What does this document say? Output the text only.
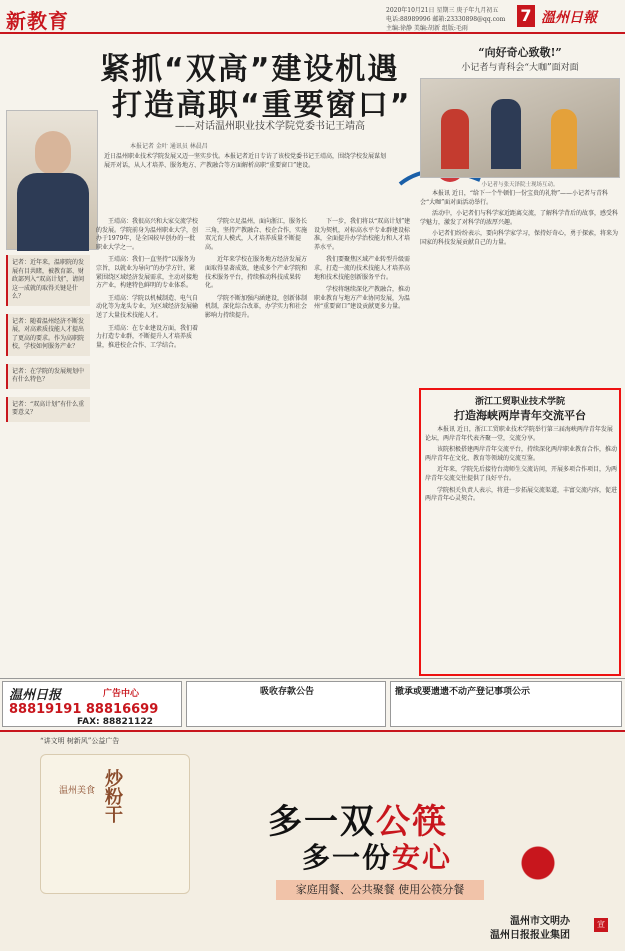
新教育	2020年10月21日 星期三 庚子年九月初五
电话:88989996 邮箱:23330898@qq.com
主编:徐静 美编:胡新 组版:毛雨
7 溫州日報
紧抓“双高”建设机遇
打造高职“重要窗口”
——对话温州职业技术学院党委书记王靖高
本报记者 金叶 通讯员 林晨昌
近日温州职业技术学院发展又迈一坚实步伐。本报记者近日专访了该校党委书记王靖高，围绕学校发展谋划展开对话，从人才培养、服务地方、产教融合等方面解析高职“重要窗口”建设。
记者：近年来，温职院的发展有目共睹，被教育部、财政部列入“双高计划”，请问这一成就的取得关键是什么？
记者：随着温州经济不断发展，对高素质技能人才提出了更高的要求。作为高职院校，学校如何服务产业？
记者：在学院的发展规划中有什么特色？
记者：“双高计划”有什么重要意义？

王靖高：我很高兴和大家交流学校的发展。学院前身为温州职业大学，创办于1979年，是全国较早创办的一批职业大学之一。

王靖高：我们一直坚持“以服务为宗旨，以就业为导向”的办学方针，紧紧围绕区域经济发展需求，主动对接地方产业，构建特色鲜明的专业体系。

王靖高：学院以机械制造、电气自动化等为龙头专业，为区域经济发展输送了大量技术技能人才。

王靖高：在专业建设方面，我们着力打造专业群，不断提升人才培养质量，推进校企合作、工学结合。

学院立足温州，面向浙江，服务长三角，坚持产教融合、校企合作，实施双元育人模式，人才培养质量不断提高。

近年来学校在服务地方经济发展方面取得显著成效，建成多个产业学院和技术服务平台，持续推动科技成果转化。

学院不断加强内涵建设，创新体制机制，深化综合改革，办学实力和社会影响力持续提升。

下一步，我们将以“双高计划”建设为契机，对标高水平专业群建设标准，全面提升办学治校能力和人才培养水平。

我们要聚焦区域产业转型升级需求，打造一流的技术技能人才培养高地和技术技能创新服务平台。

学校将继续深化产教融合，推动职业教育与地方产业协同发展，为温州“重要窗口”建设贡献更多力量。

“向好奇心致敬!”
小记者与青科会“大咖”面对面
小记者与张天泽院士现场互动。

本报讯 近日，“给下一个牛顿们一份宝贵的礼物”——小记者与青科会“大咖”面对面活动举行。

活动中，小记者们与科学家近距离交流，了解科学背后的故事，感受科学魅力，激发了对科学的浓厚兴趣。

小记者们纷纷表示，要向科学家学习，保持好奇心，勇于探索，将来为国家的科技发展贡献自己的力量。

浙江工贸职业技术学院
打造海峡两岸青年交流平台

本报讯 近日，浙江工贸职业技术学院举行第三届海峡两岸青年发展论坛，两岸青年代表齐聚一堂，交流分享。

该院积极搭建两岸青年交流平台，持续深化两岸职业教育合作，推动两岸青年在文化、教育等领域的交流互鉴。

近年来，学院先后接待台湾师生交流访问，开展多项合作项目，为两岸青年交流交往提供了良好平台。

学院相关负责人表示，将进一步拓展交流渠道，丰富交流内容，促进两岸青年心灵契合。

温州日报	广告中心
88819191 88816699
FAX: 88821122
吸收存款公告	撤承或要遗遗不动产登记事项公示
“讲文明 树新风”公益广告
温州美食 炒粉干	多一双公筷
多一份安心
家庭用餐、公共聚餐 使用公筷分餐
温州市文明办
温州日报报业集团
宣
